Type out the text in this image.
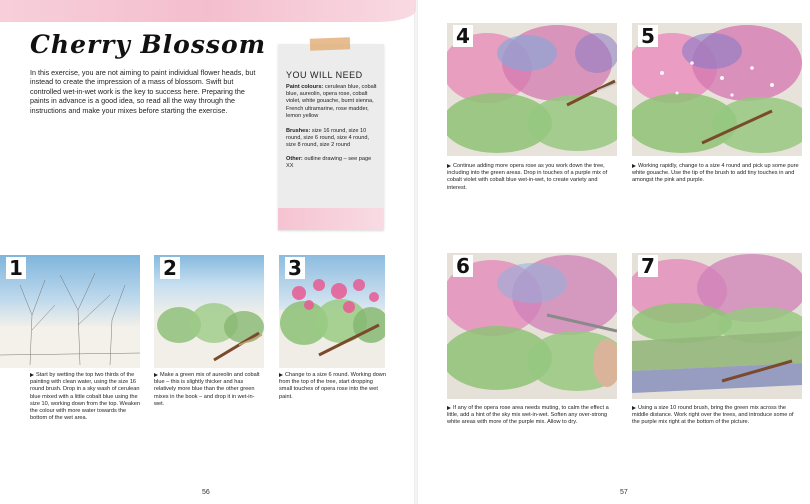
Cherry Blossom
In this exercise, you are not aiming to paint individual flower heads, but instead to create the impression of a mass of blossom. Swift but controlled wet-in-wet work is the key to success here. Preparing the paints in advance is a good idea, so read all the way through the instructions and make your mixes before starting the exercise.
YOU WILL NEED
Paint colours: cerulean blue, cobalt blue, aureolin, opera rose, cobalt violet, white gouache, burnt sienna, French ultramarine, rose madder, lemon yellow
Brushes: size 16 round, size 10 round, size 6 round, size 4 round, size 8 round, size 2 round
Other: outline drawing – see page XX
1
Start by wetting the top two thirds of the painting with clean water, using the size 16 round brush. Drop in a sky wash of cerulean blue mixed with a little cobalt blue using the size 10, working down from the top. Weaken the colour with more water towards the bottom of the wet area.
2
Make a green mix of aureolin and cobalt blue – this is slightly thicker and has relatively more blue than the other green mixes in the book – and drop it in wet-in-wet.
3
Change to a size 6 round. Working down from the top of the tree, start dropping small touches of opera rose into the wet paint.
4
Continue adding more opera rose as you work down the tree, including into the green areas. Drop in touches of a purple mix of cobalt violet with cobalt blue wet-in-wet, to create variety and interest.
5
Working rapidly, change to a size 4 round and pick up some pure white gouache. Use the tip of the brush to add tiny touches in and amongst the pink and purple.
6
If any of the opera rose area needs muting, to calm the effect a little, add a hint of the sky mix wet-in-wet. Soften any over-strong white areas with more of the purple mix. Allow to dry.
7
Using a size 10 round brush, bring the green mix across the middle distance. Work right over the trees, and introduce some of the purple mix right at the bottom of the picture.
56	57
